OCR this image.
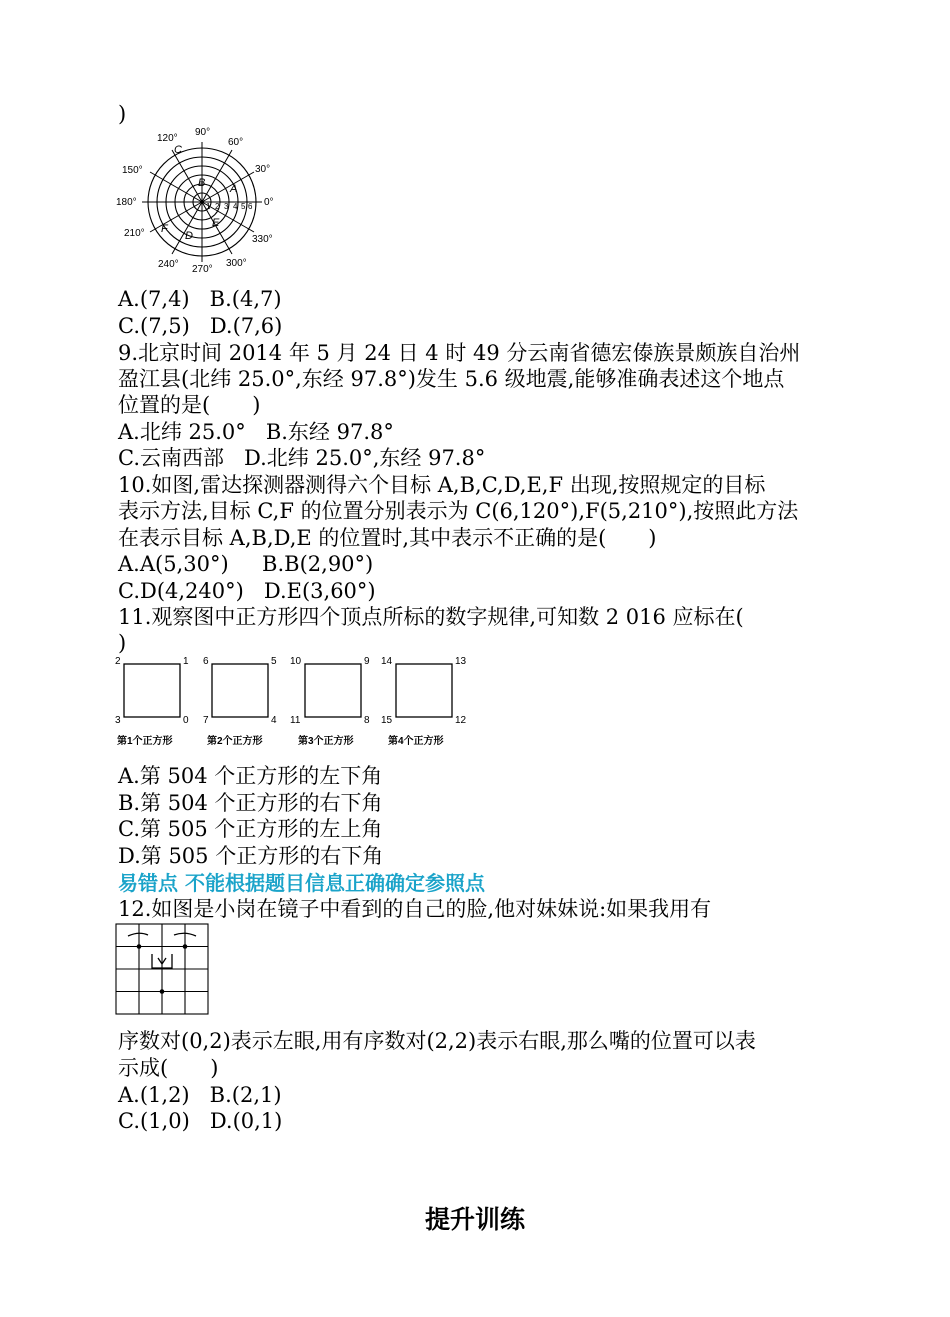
)
0°
30°
60°
90°
120°
150°
180°
210°
240° 270°
300°
330°
1 2 3 4 5 6
A
B
C
D
E
F
A.(7,4) B.(4,7)
C.(7,5) D.(7,6)
9.北京时间 2014 年 5 月 24 日 4 时 49 分云南省德宏傣族景颇族自治州
盈江县(北纬 25.0°,东经 97.8°)发生 5.6 级地震,能够准确表述这个地点
位置的是(　　)
A.北纬 25.0° B.东经 97.8°
C.云南西部 D.北纬 25.0°,东经 97.8°
10.如图,雷达探测器测得六个目标 A,B,C,D,E,F 出现,按照规定的目标
表示方法,目标 C,F 的位置分别表示为 C(6,120°),F(5,210°),按照此方法
在表示目标 A,B,D,E 的位置时,其中表示不正确的是(　　)
A.A(5,30°) B.B(2,90°)
C.D(4,240°) D.E(3,60°)
11.观察图中正方形四个顶点所标的数字规律,可知数 2 016 应标在(
)
2	1
3	0
6	5
7	4
10	9
11	8
14	13
15	12
第1个正方形	第2个正方形	第3个正方形	第4个正方形
A.第 504 个正方形的左下角
B.第 504 个正方形的右下角
C.第 505 个正方形的左上角
D.第 505 个正方形的右下角
易错点 不能根据题目信息正确确定参照点
12.如图是小岗在镜子中看到的自己的脸,他对妹妹说:如果我用有
序数对(0,2)表示左眼,用有序数对(2,2)表示右眼,那么嘴的位置可以表
示成(　　)
A.(1,2) B.(2,1)
C.(1,0) D.(0,1)
提升训练
